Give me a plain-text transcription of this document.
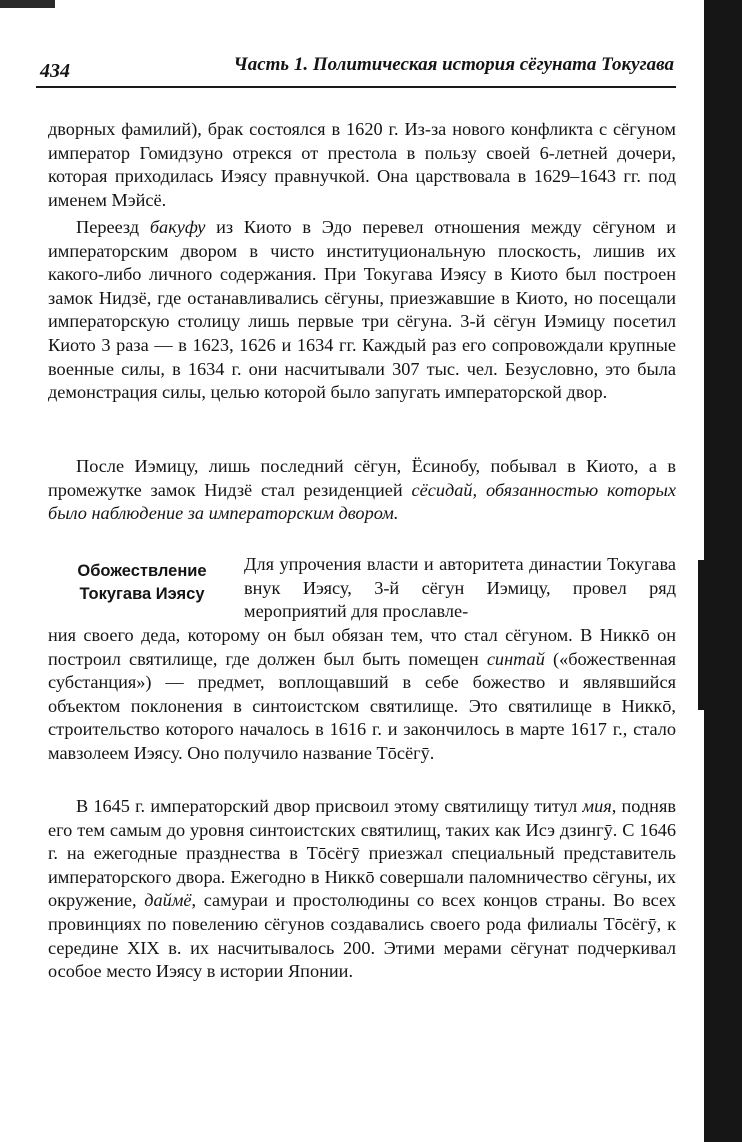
434	Часть 1. Политическая история сёгуната Токугава

дворных фамилий), брак состоялся в 1620 г. Из-за нового конфликта с сёгуном император Гомидзуно отрекся от престола в пользу своей 6-летней дочери, которая приходилась Иэясу правнучкой. Она царствовала в 1629–1643 гг. под именем Мэйсё.

Переезд бакуфу из Киото в Эдо перевел отношения между сёгуном и императорским двором в чисто институциональную плоскость, лишив их какого-либо личного содержания. При Токугава Иэясу в Киото был построен замок Нидзё, где останавливались сёгуны, приезжавшие в Киото, но посещали императорскую столицу лишь первые три сёгуна. 3-й сёгун Иэмицу посетил Киото 3 раза — в 1623, 1626 и 1634 гг. Каждый раз его сопровождали крупные военные силы, в 1634 г. они насчитывали 307 тыс. чел. Безусловно, это была демонстрация силы, целью которой было запугать императорской двор.

После Иэмицу, лишь последний сёгун, Ёсинобу, побывал в Киото, а в промежутке замок Нидзё стал резиденцией сёсидай, обязанностью которых было наблюдение за императорским двором.

Обожествление Токугава Иэясу

Для упрочения власти и авторитета династии Токугава внук Иэясу, 3-й сёгун Иэмицу, провел ряд мероприятий для прославле-

ния своего деда, которому он был обязан тем, что стал сёгуном. В Никкō он построил святилище, где должен был быть помещен синтай («божественная субстанция») — предмет, воплощавший в себе божество и являвшийся объектом поклонения в синтоистском святилище. Это святилище в Никкō, строительство которого началось в 1616 г. и закончилось в марте 1617 г., стало мавзолеем Иэясу. Оно получило название Тōсёгӯ.

В 1645 г. императорский двор присвоил этому святилищу титул мия, подняв его тем самым до уровня синтоистских святилищ, таких как Исэ дзингӯ. С 1646 г. на ежегодные празднества в Тōсёгӯ приезжал специальный представитель императорского двора. Ежегодно в Никкō совершали паломничество сёгуны, их окружение, даймё, самураи и простолюдины со всех концов страны. Во всех провинциях по повелению сёгунов создавались своего рода филиалы Тōсёгӯ, к середине XIX в. их насчитывалось 200. Этими мерами сёгунат подчеркивал особое место Иэясу в истории Японии.
